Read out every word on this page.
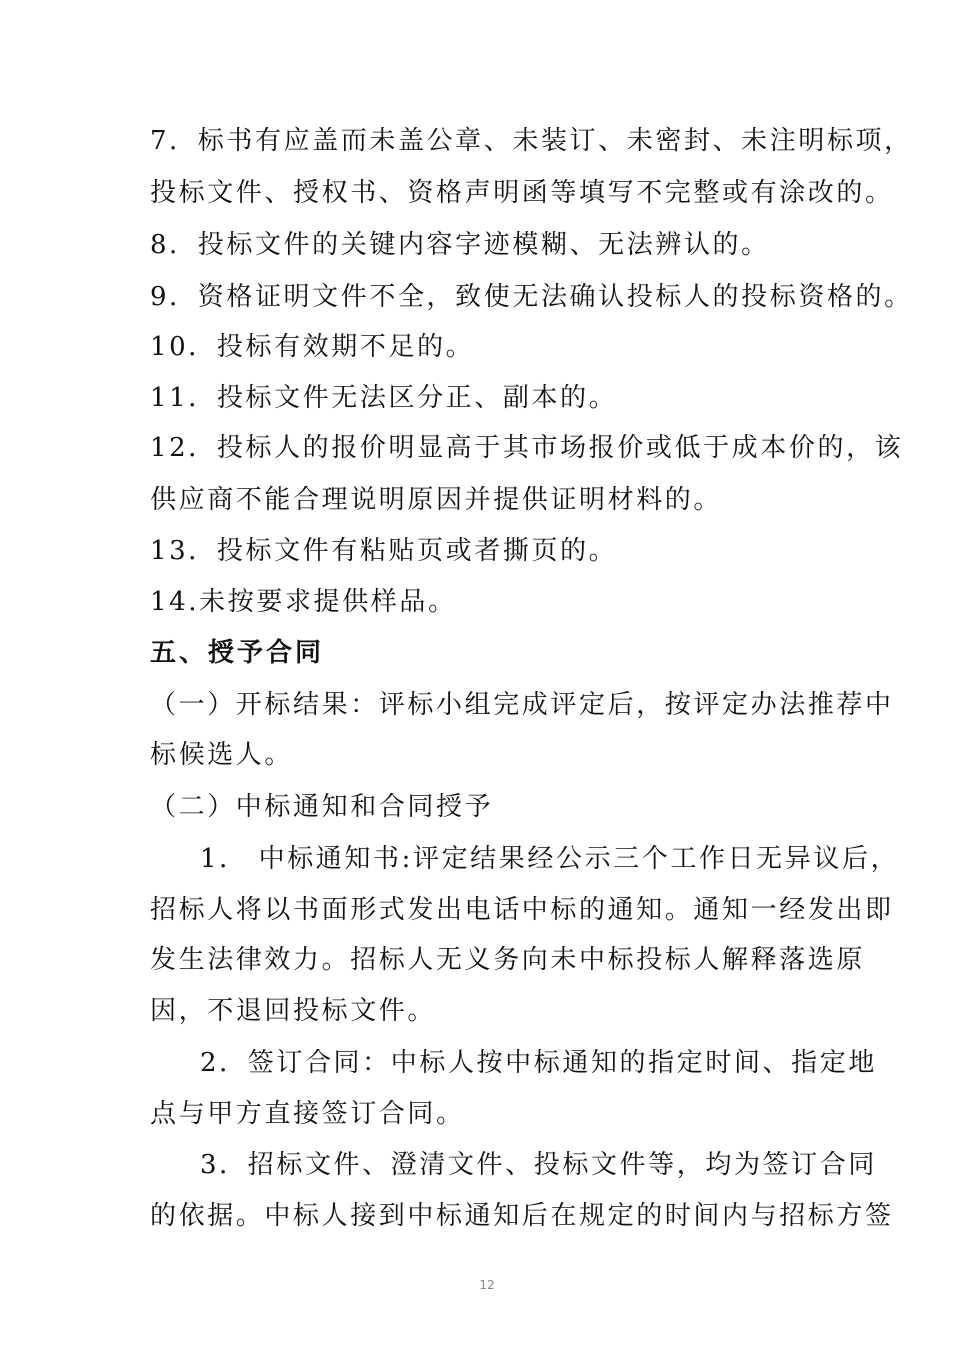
7．标书有应盖而未盖公章、未装订、未密封、未注明标项，
投标文件、授权书、资格声明函等填写不完整或有涂改的。
8．投标文件的关键内容字迹模糊、无法辨认的。
9．资格证明文件不全，致使无法确认投标人的投标资格的。
10．投标有效期不足的。
11．投标文件无法区分正、副本的。
12．投标人的报价明显高于其市场报价或低于成本价的，该
供应商不能合理说明原因并提供证明材料的。
13．投标文件有粘贴页或者撕页的。
14.未按要求提供样品。
五、授予合同
（一）开标结果：评标小组完成评定后，按评定办法推荐中
标候选人。
（二）中标通知和合同授予
1． 中标通知书:评定结果经公示三个工作日无异议后，
招标人将以书面形式发出电话中标的通知。通知一经发出即
发生法律效力。招标人无义务向未中标投标人解释落选原
因，不退回投标文件。
2．签订合同：中标人按中标通知的指定时间、指定地
点与甲方直接签订合同。
3．招标文件、澄清文件、投标文件等，均为签订合同
的依据。中标人接到中标通知后在规定的时间内与招标方签
12
